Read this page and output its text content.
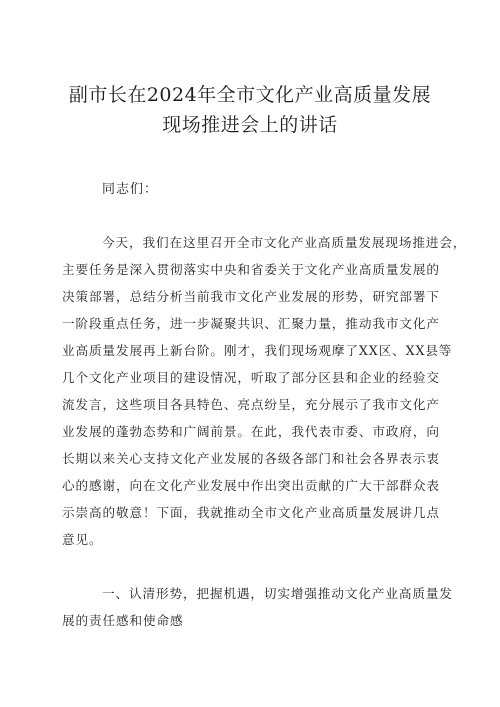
副市长在2024年全市文化产业高质量发展
现场推进会上的讲话
同志们：
今天，我们在这里召开全市文化产业高质量发展现场推进会，
主要任务是深入贯彻落实中央和省委关于文化产业高质量发展的
决策部署，总结分析当前我市文化产业发展的形势，研究部署下
一阶段重点任务，进一步凝聚共识、汇聚力量，推动我市文化产
业高质量发展再上新台阶。刚才，我们现场观摩了XX区、XX县等
几个文化产业项目的建设情况，听取了部分区县和企业的经验交
流发言，这些项目各具特色、亮点纷呈，充分展示了我市文化产
业发展的蓬勃态势和广阔前景。在此，我代表市委、市政府，向
长期以来关心支持文化产业发展的各级各部门和社会各界表示衷
心的感谢，向在文化产业发展中作出突出贡献的广大干部群众表
示崇高的敬意！下面，我就推动全市文化产业高质量发展讲几点
意见。
一、认清形势，把握机遇，切实增强推动文化产业高质量发
展的责任感和使命感
